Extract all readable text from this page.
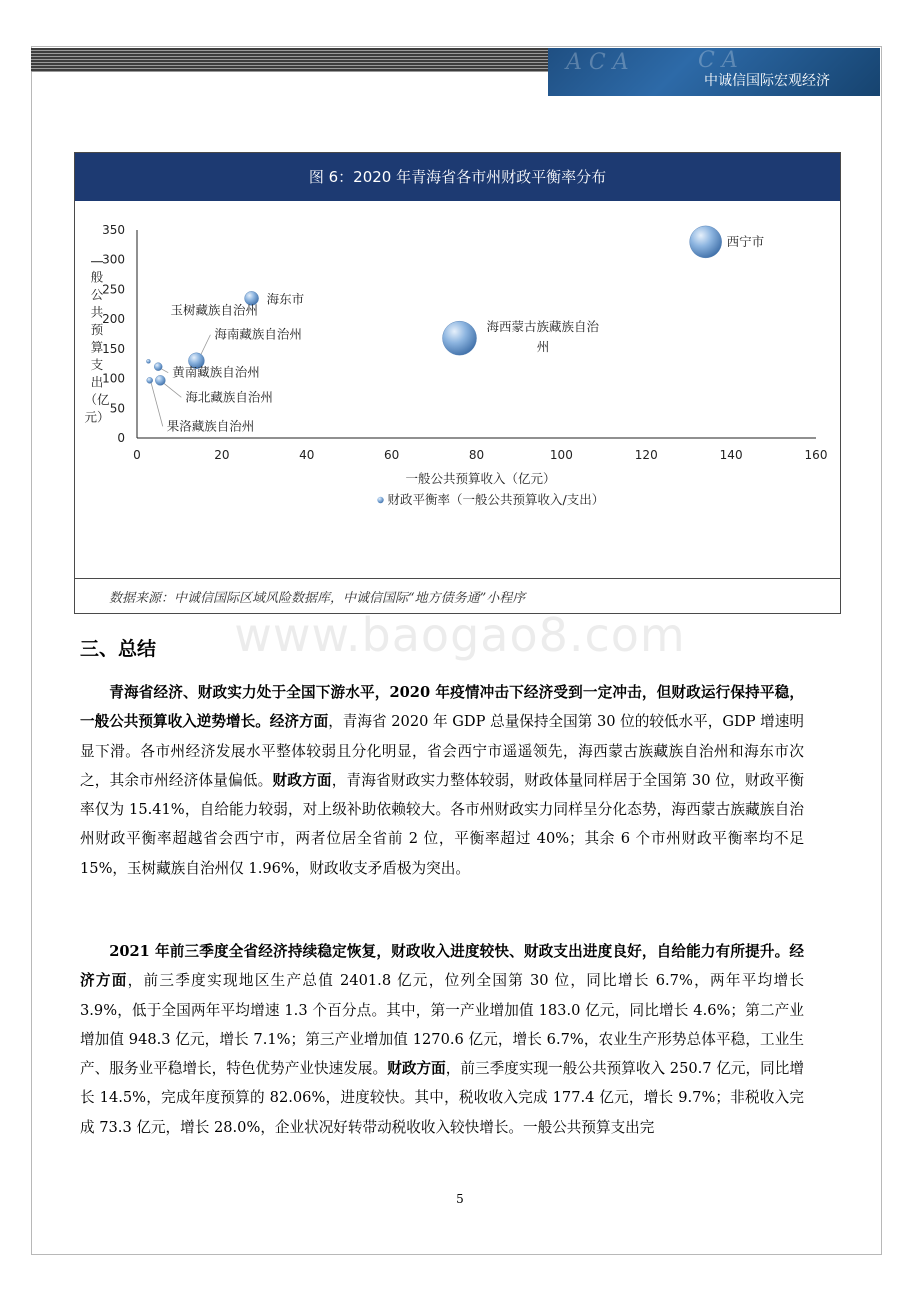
A C A	C A
中诚信国际宏观经济
图 6：2020 年青海省各市州财政平衡率分布
0	20	40	60	80	100	120	140	160
0
50
100
150
200
250
300
350
般
公
共
预
算
支
出
（亿
元）
一般公共预算收入（亿元）
财政平衡率（一般公共预算收入/支出）
西宁市
海西蒙古族藏族自治州
海东市
玉树藏族自治州
海南藏族自治州
黄南藏族自治州
海北藏族自治州
果洛藏族自治州
数据来源：中诚信国际区域风险数据库，中诚信国际“地方债务通”小程序
www.baogao8.com
三、总结

青海省经济、财政实力处于全国下游水平，2020 年疫情冲击下经济受到一定冲击，但财政运行保持平稳，一般公共预算收入逆势增长。经济方面，青海省 2020 年 GDP 总量保持全国第 30 位的较低水平，GDP 增速明显下滑。各市州经济发展水平整体较弱且分化明显，省会西宁市遥遥领先，海西蒙古族藏族自治州和海东市次之，其余市州经济体量偏低。财政方面，青海省财政实力整体较弱，财政体量同样居于全国第 30 位，财政平衡率仅为 15.41%，自给能力较弱，对上级补助依赖较大。各市州财政实力同样呈分化态势，海西蒙古族藏族自治州财政平衡率超越省会西宁市，两者位居全省前 2 位，平衡率超过 40%；其余 6 个市州财政平衡率均不足 15%，玉树藏族自治州仅 1.96%，财政收支矛盾极为突出。

2021 年前三季度全省经济持续稳定恢复，财政收入进度较快、财政支出进度良好，自给能力有所提升。经济方面，前三季度实现地区生产总值 2401.8 亿元，位列全国第 30 位，同比增长 6.7%，两年平均增长 3.9%，低于全国两年平均增速 1.3 个百分点。其中，第一产业增加值 183.0 亿元，同比增长 4.6%；第二产业增加值 948.3 亿元，增长 7.1%；第三产业增加值 1270.6 亿元，增长 6.7%，农业生产形势总体平稳，工业生产、服务业平稳增长，特色优势产业快速发展。财政方面，前三季度实现一般公共预算收入 250.7 亿元，同比增长 14.5%，完成年度预算的 82.06%，进度较快。其中，税收收入完成 177.4 亿元，增长 9.7%；非税收入完成 73.3 亿元，增长 28.0%，企业状况好转带动税收收入较快增长。一般公共预算支出完

5
